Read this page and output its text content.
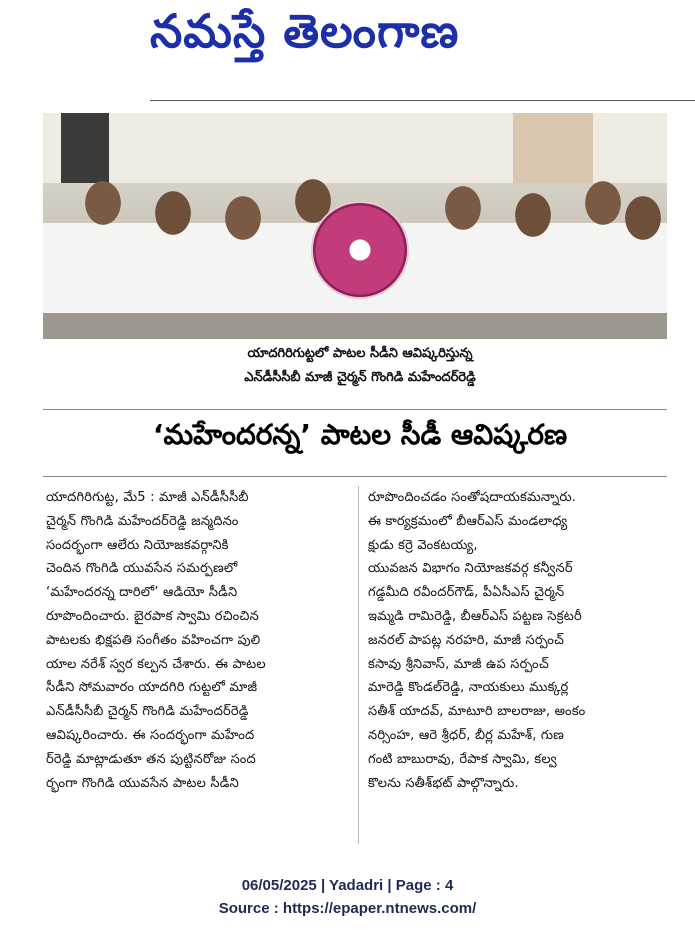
నమస్తే తెలంగాణ
యాదగిరిగుట్టలో పాటల సీడీని ఆవిష్కరిస్తున్న
ఎన్‌డీసీసీబీ మాజీ చైర్మన్ గొంగిడి మహేందర్‌రెడ్డి
‘మహేందరన్న’ పాటల సీడీ ఆవిష్కరణ
యాదగిరిగుట్ట, మే5 : మాజీ ఎన్‌డీసీసీబీ
చైర్మన్ గొంగిడి మహేందర్‌రెడ్డి జన్మదినం
సందర్భంగా ఆలేరు నియోజకవర్గానికి
చెందిన గొంగిడి యువసేన సమర్పణలో
‘మహేందరన్న దారిలో’ ఆడియో సీడీని
రూపొందించారు. బైరపాక స్వామి రచించిన
పాటలకు భిక్షపతి సంగీతం వహించగా పులి
యాల నరేశ్ స్వర కల్పన చేశారు. ఈ పాటల
సీడీని సోమవారం యాదగిరి గుట్టలో మాజీ
ఎన్‌డీసీసీబీ చైర్మన్ గొంగిడి మహేందర్‌రెడ్డి
ఆవిష్కరించారు. ఈ సందర్భంగా మహేంద
ర్‌రెడ్డి మాట్లాడుతూ తన పుట్టినరోజు సంద
ర్భంగా గొంగిడి యువసేన పాటల సీడీని
రూపొందించడం సంతోషదాయకమన్నారు.
ఈ కార్యక్రమంలో బీఆర్‌ఎస్ మండలాధ్య
క్షుడు కర్రె వెంకటయ్య,
యువజన విభాగం నియోజకవర్గ కన్వీనర్
గడ్డమీది రవీందర్‌గౌడ్, పీఏసీఎస్ చైర్మన్
ఇమ్మడి రామిరెడ్డి, బీఆర్‌ఎస్ పట్టణ సెక్రటరీ
జనరల్ పాపట్ల నరహరి, మాజీ సర్పంచ్
కసావు శ్రీనివాస్, మాజీ ఉప సర్పంచ్
మారెడ్డి కొండల్‌రెడ్డి, నాయకులు ముక్కర్ల
సతీశ్ యాదవ్, మాటూరి బాలరాజు, అంకం
నర్సింహ, ఆరె శ్రీధర్, బీర్ల మహేశ్, గుణ
గంటి బాబురావు, రేపాక స్వామి, కల్వ
కొలను సతీశ్‌భట్ పాల్గొన్నారు.
06/05/2025 | Yadadri | Page : 4
Source : https://epaper.ntnews.com/
